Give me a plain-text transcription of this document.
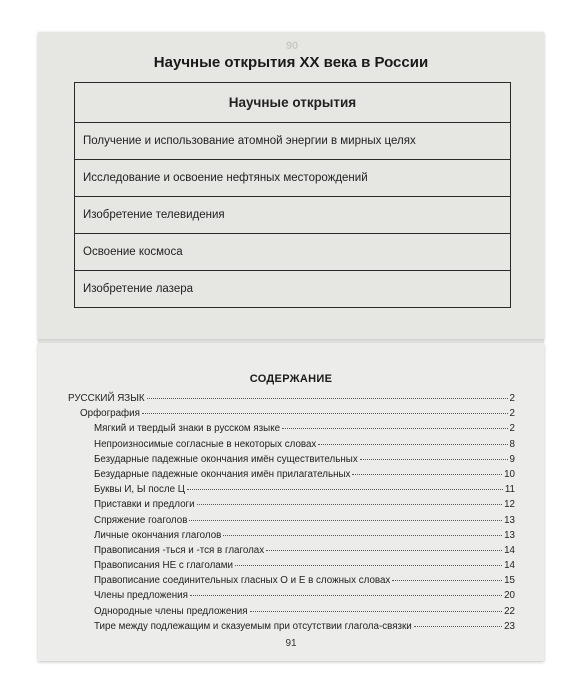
90
Научные открытия XX века в России
Научные открытия
Получение и использование атомной энергии в мирных целях
Исследование и освоение нефтяных месторождений
Изобретение телевидения
Освоение космоса
Изобретение лазера
СОДЕРЖАНИЕ
РУССКИЙ ЯЗЫК	2
Орфография	2
Мягкий и твердый знаки в русском языке	2
Непроизносимые согласные в некоторых словах	8
Безударные падежные окончания имён существительных	9
Безударные падежные окончания имён прилагательных	10
Буквы И, Ы после Ц	11
Приставки и предлоги	12
Спряжение гоаголов	13
Личные окончания глаголов	13
Правописания -ться и -тся в глаголах	14
Правописания НЕ с глаголами	14
Правописание соединительных гласных О и Е в сложных словах	15
Члены предложения	20
Однородные члены предложения	22
Тире между подлежащим и сказуемым при отсутствии глагола-связки	23
91
